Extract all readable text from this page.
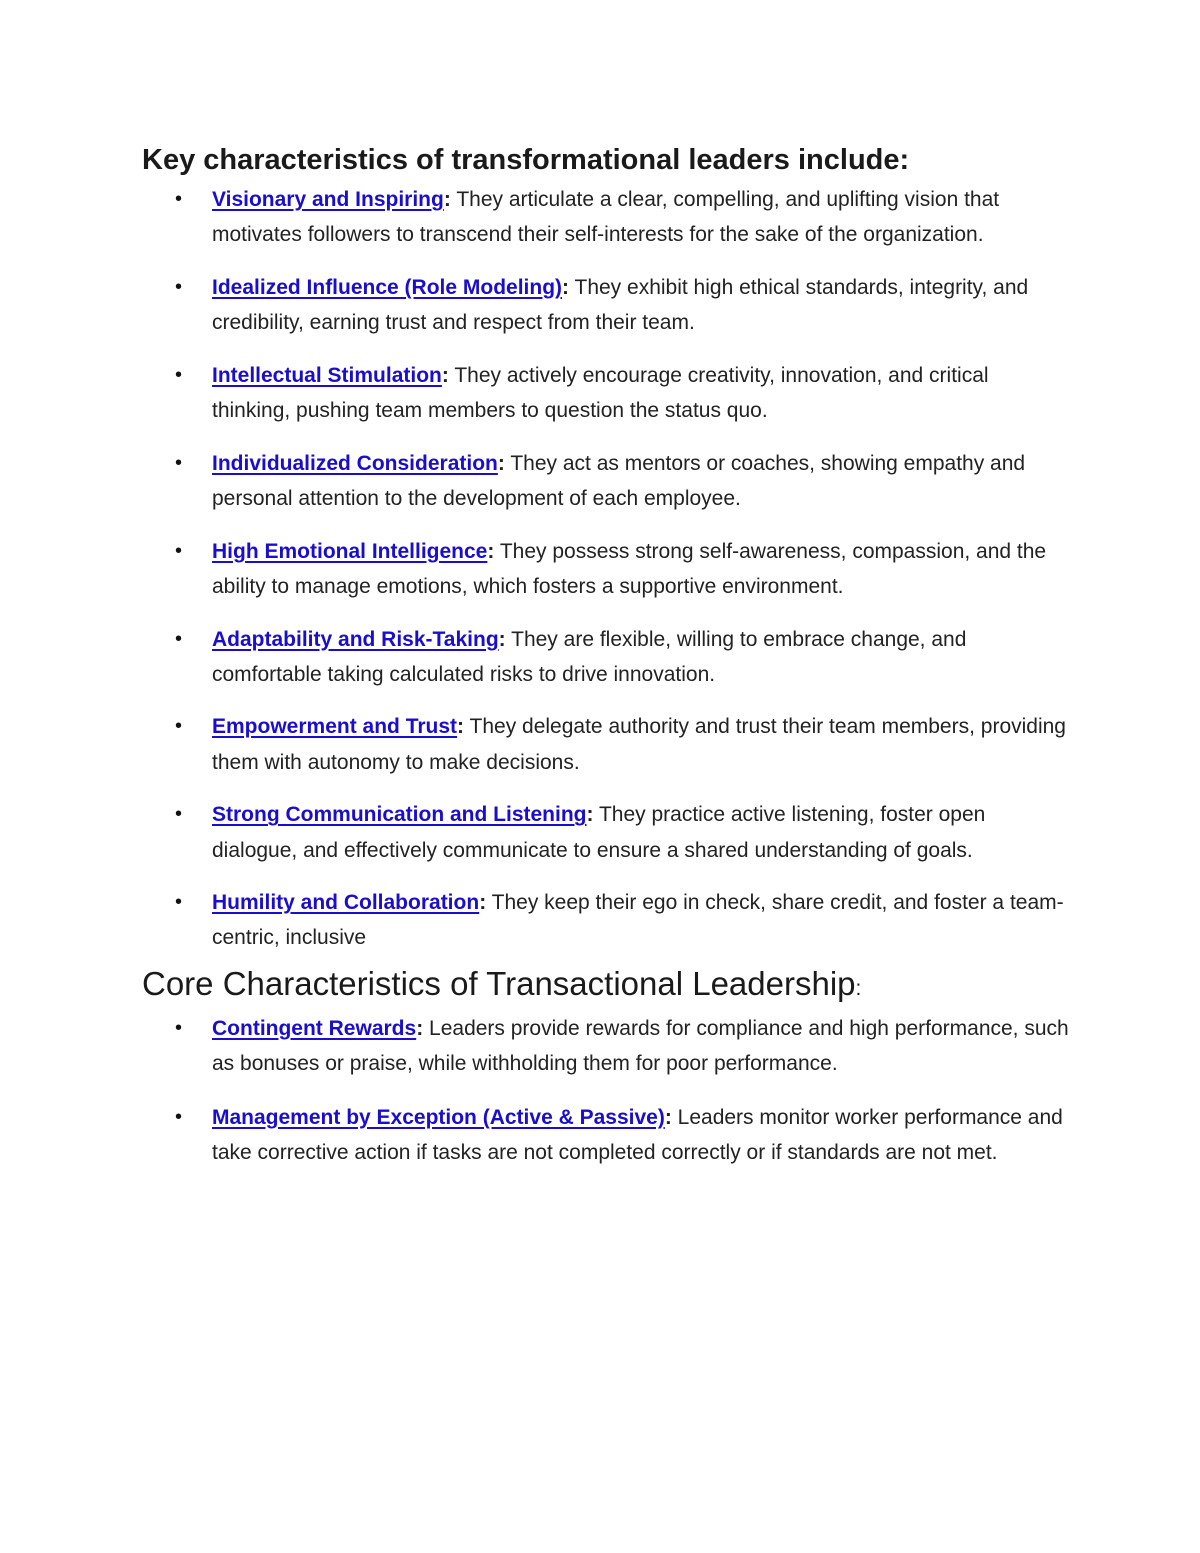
Key characteristics of transformational leaders include:
• Visionary and Inspiring: They articulate a clear, compelling, and uplifting vision that motivates followers to transcend their self-interests for the sake of the organization.
• Idealized Influence (Role Modeling): They exhibit high ethical standards, integrity, and credibility, earning trust and respect from their team.
• Intellectual Stimulation: They actively encourage creativity, innovation, and critical thinking, pushing team members to question the status quo.
• Individualized Consideration: They act as mentors or coaches, showing empathy and personal attention to the development of each employee.
• High Emotional Intelligence: They possess strong self-awareness, compassion, and the ability to manage emotions, which fosters a supportive environment.
• Adaptability and Risk-Taking: They are flexible, willing to embrace change, and comfortable taking calculated risks to drive innovation.
• Empowerment and Trust: They delegate authority and trust their team members, providing them with autonomy to make decisions.
• Strong Communication and Listening: They practice active listening, foster open dialogue, and effectively communicate to ensure a shared understanding of goals.
• Humility and Collaboration: They keep their ego in check, share credit, and foster a team-centric, inclusive
Core Characteristics of Transactional Leadership:
• Contingent Rewards: Leaders provide rewards for compliance and high performance, such as bonuses or praise, while withholding them for poor performance.
• Management by Exception (Active & Passive): Leaders monitor worker performance and take corrective action if tasks are not completed correctly or if standards are not met.
